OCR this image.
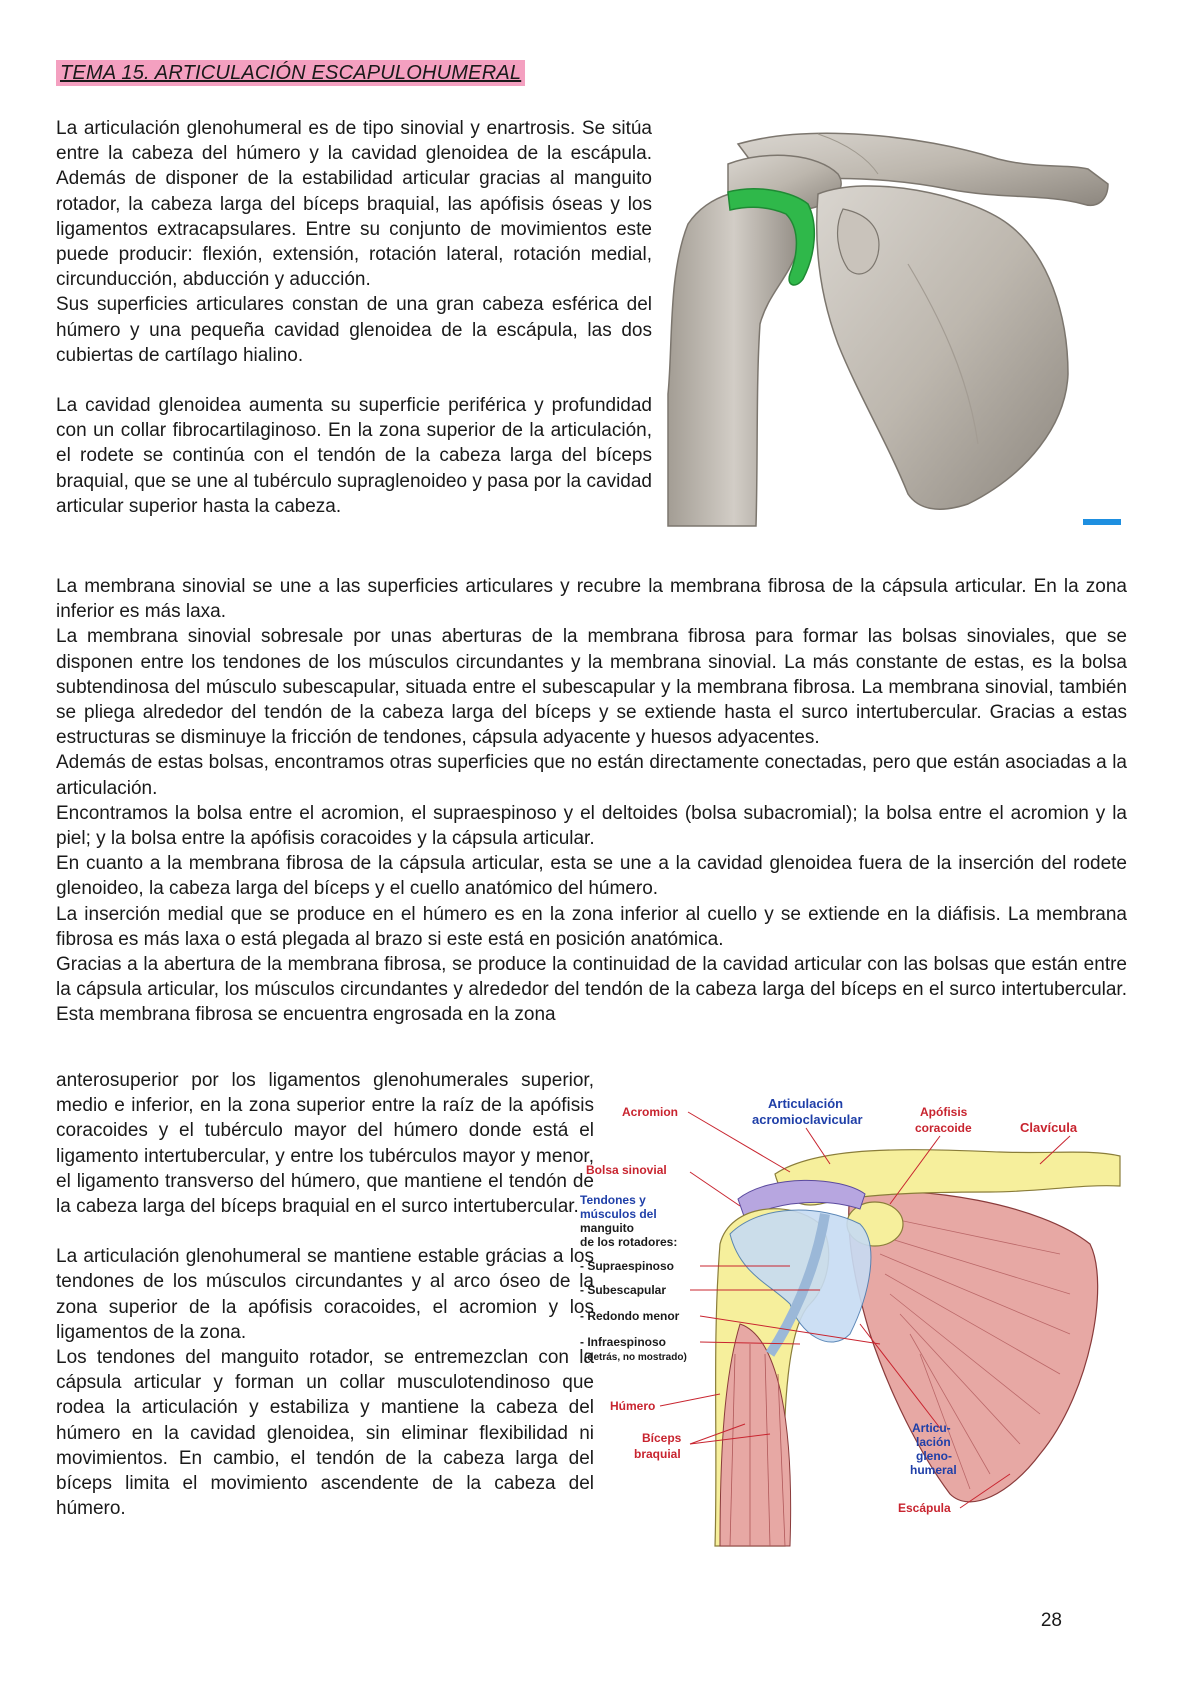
TEMA 15. ARTICULACIÓN ESCAPULOHUMERAL

La articulación glenohumeral es de tipo sinovial y enartrosis. Se sitúa entre la cabeza del húmero y la cavidad glenoidea de la escápula. Además de disponer de la estabilidad articular gracias al manguito rotador, la cabeza larga del bíceps braquial, las apófisis óseas y los ligamentos extracapsulares. Entre su conjunto de movimientos este puede producir: flexión, extensión, rotación lateral, rotación medial, circunducción, abducción y aducción.

Sus superficies articulares constan de una gran cabeza esférica del húmero y una pequeña cavidad glenoidea de la escápula, las dos cubiertas de cartílago hialino.

La cavidad glenoidea aumenta su superficie periférica y profundidad con un collar fibrocartilaginoso. En la zona superior de la articulación, el rodete se continúa con el tendón de la cabeza larga del bíceps braquial, que se une al tubérculo supraglenoideo y pasa por la cavidad articular superior hasta la cabeza.

La membrana sinovial se une a las superficies articulares y recubre la membrana fibrosa de la cápsula articular. En la zona inferior es más laxa.

La membrana sinovial sobresale por unas aberturas de la membrana fibrosa para formar las bolsas sinoviales, que se disponen entre los tendones de los músculos circundantes y la membrana sinovial. La más constante de estas, es la bolsa subtendinosa del músculo subescapular, situada entre el subescapular y la membrana fibrosa. La membrana sinovial, también se pliega alrededor del tendón de la cabeza larga del bíceps y se extiende hasta el surco intertubercular. Gracias a estas estructuras se disminuye la fricción de tendones, cápsula adyacente y huesos adyacentes.

Además de estas bolsas, encontramos otras superficies que no están directamente conectadas, pero que están asociadas a la articulación.

Encontramos la bolsa entre el acromion, el supraespinoso y el deltoides (bolsa subacromial); la bolsa entre el acromion y la piel; y la bolsa entre la apófisis coracoides y la cápsula articular.

En cuanto a la membrana fibrosa de la cápsula articular, esta se une a la cavidad glenoidea fuera de la inserción del rodete glenoideo, la cabeza larga del bíceps y el cuello anatómico del húmero.

La inserción medial que se produce en el húmero es en la zona inferior al cuello y se extiende en la diáfisis. La membrana fibrosa es más laxa o está plegada al brazo si este está en posición anatómica.

Gracias a la abertura de la membrana fibrosa, se produce la continuidad de la cavidad articular con las bolsas que están entre la cápsula articular, los músculos circundantes y alrededor del tendón de la cabeza larga del bíceps en el surco intertubercular. Esta membrana fibrosa se encuentra engrosada en la zona

anterosuperior por los ligamentos glenohumerales superior, medio e inferior, en la zona superior entre la raíz de la apófisis coracoides y el tubérculo mayor del húmero donde está el ligamento intertubercular, y entre los tubérculos mayor y menor, el ligamento transverso del húmero, que mantiene el tendón de la cabeza larga del bíceps braquial en el surco intertubercular.

La articulación glenohumeral se mantiene estable grácias a los tendones de los músculos circundantes y al arco óseo de la zona superior de la apófisis coracoides, el acromion y los ligamentos de la zona.

Los tendones del manguito rotador, se entremezclan con la cápsula articular y forman un collar musculotendinoso que rodea la articulación y estabiliza y mantiene la cabeza del húmero en la cavidad glenoidea, sin eliminar flexibilidad ni movimientos. En cambio, el tendón de la cabeza larga del bíceps limita el movimiento ascendente de la cabeza del húmero.

Acromion
Articulación
acromioclavicular	Apófisis
coracoide	Clavícula
Bolsa sinovial
Tendones y
músculos del
manguito
de los rotadores:
- Supraespinoso
- Subescapular
- Redondo menor
- Infraespinoso
(detrás, no mostrado)
Húmero
Bíceps
braquial
Articu-
lación
gleno-
humeral
Escápula
28
